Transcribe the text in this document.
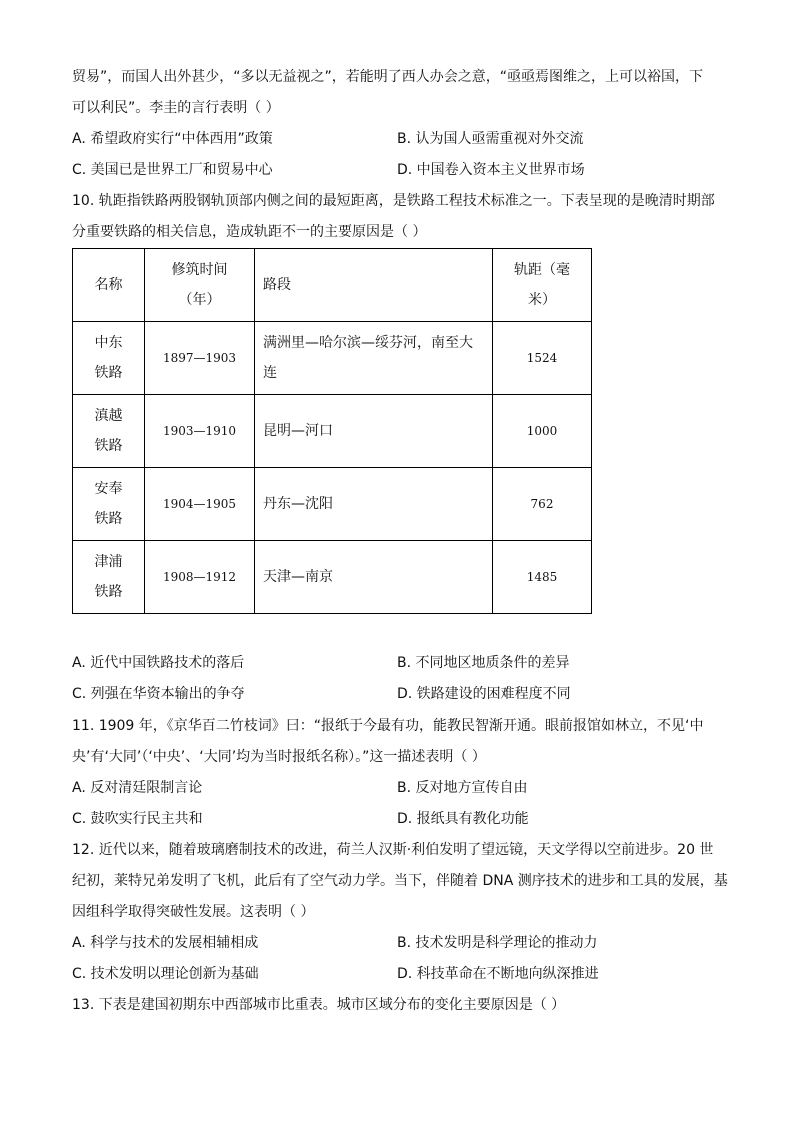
贸易”，而国人出外甚少，“多以无益视之”，若能明了西人办会之意，“亟亟焉图维之，上可以裕国，下
可以利民”。李圭的言行表明（ ）
A. 希望政府实行“中体西用”政策	B. 认为国人亟需重视对外交流
C. 美国已是世界工厂和贸易中心	D. 中国卷入资本主义世界市场
10. 轨距指铁路两股钢轨顶部内侧之间的最短距离，是铁路工程技术标准之一。下表呈现的是晚清时期部
分重要铁路的相关信息，造成轨距不一的主要原因是（ ）
名称	修筑时间（年）	路段	轨距（毫米）
中东铁路	1897—1903	满洲里—哈尔滨—绥芬河，南至大连	1524
滇越铁路	1903—1910	昆明—河口	1000
安奉铁路	1904—1905	丹东—沈阳	762
津浦铁路	1908—1912	天津—南京	1485
A. 近代中国铁路技术的落后	B. 不同地区地质条件的差异
C. 列强在华资本输出的争夺	D. 铁路建设的困难程度不同
11. 1909 年，《京华百二竹枝词》曰：“报纸于今最有功，能教民智渐开通。眼前报馆如林立，不见‘中
央’有‘大同’（‘中央’、‘大同’均为当时报纸名称）。”这一描述表明（ ）
A. 反对清廷限制言论	B. 反对地方宣传自由
C. 鼓吹实行民主共和	D. 报纸具有教化功能
12. 近代以来，随着玻璃磨制技术的改进，荷兰人汉斯·利伯发明了望远镜，天文学得以空前进步。20 世
纪初，莱特兄弟发明了飞机，此后有了空气动力学。当下，伴随着 DNA 测序技术的进步和工具的发展，基
因组科学取得突破性发展。这表明（ ）
A. 科学与技术的发展相辅相成	B. 技术发明是科学理论的推动力
C. 技术发明以理论创新为基础	D. 科技革命在不断地向纵深推进
13. 下表是建国初期东中西部城市比重表。城市区域分布的变化主要原因是（ ）
